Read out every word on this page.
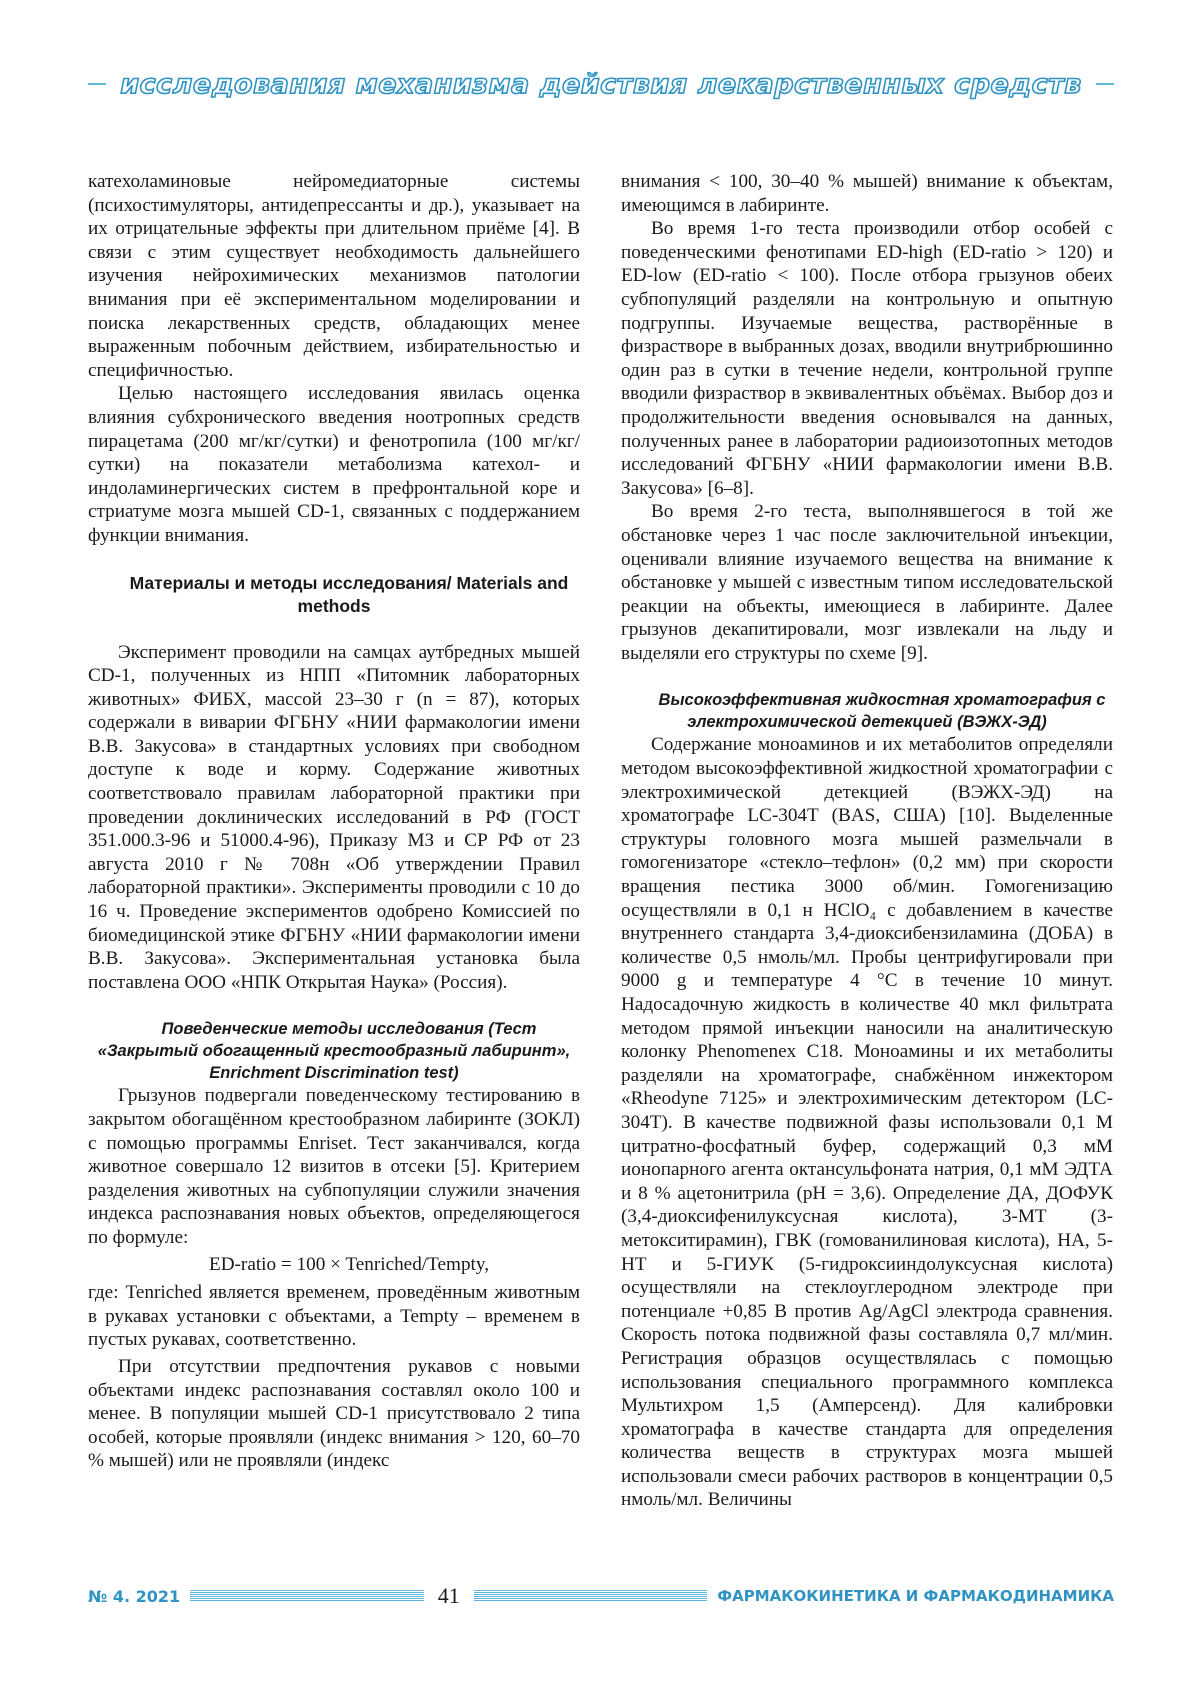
исследования механизма действия лекарственных средств

катехоламиновые нейромедиаторные системы (психостимуляторы, антидепрессанты и др.), указывает на их отрицательные эффекты при длительном приёме [4]. В связи с этим существует необходимость дальнейшего изучения нейрохимических механизмов патологии внимания при её экспериментальном моделировании и поиска лекарственных средств, обладающих менее выраженным побочным действием, избирательностью и специфичностью.

Целью настоящего исследования явилась оценка влияния субхронического введения ноотропных средств пирацетама (200 мг/кг/сутки) и фенотропила (100 мг/кг/сутки) на показатели метаболизма катехол- и индоламинергических систем в префронтальной коре и стриатуме мозга мышей CD-1, связанных с поддержанием функции внимания.

Материалы и методы исследования/ Materials and methods

Эксперимент проводили на самцах аутбредных мышей CD-1, полученных из НПП «Питомник лабораторных животных» ФИБХ, массой 23–30 г (n = 87), которых содержали в виварии ФГБНУ «НИИ фармакологии имени В.В. Закусова» в стандартных условиях при свободном доступе к воде и корму. Содержание животных соответствовало правилам лабораторной практики при проведении доклинических исследований в РФ (ГОСТ 351.000.3-96 и 51000.4-96), Приказу МЗ и СР РФ от 23 августа 2010 г № 708н «Об утверждении Правил лабораторной практики». Эксперименты проводили с 10 до 16 ч. Проведение экспериментов одобрено Комиссией по биомедицинской этике ФГБНУ «НИИ фармакологии имени В.В. Закусова». Экспериментальная установка была поставлена ООО «НПК Открытая Наука» (Россия).

Поведенческие методы исследования (Тест «Закрытый обогащенный крестообразный лабиринт», Enrichment Discrimination test)

Грызунов подвергали поведенческому тестированию в закрытом обогащённом крестообразном лабиринте (ЗОКЛ) с помощью программы Enriset. Тест заканчивался, когда животное совершало 12 визитов в отсеки [5]. Критерием разделения животных на субпопуляции служили значения индекса распознавания новых объектов, определяющегося по формуле:

ED-ratio = 100 × Tenriched/Tempty,

где: Tenriched является временем, проведённым животным в рукавах установки с объектами, а Tempty – временем в пустых рукавах, соответственно.

При отсутствии предпочтения рукавов с новыми объектами индекс распознавания составлял около 100 и менее. В популяции мышей CD-1 присутствовало 2 типа особей, которые проявляли (индекс внимания > 120, 60–70 % мышей) или не проявляли (индекс

внимания < 100, 30–40 % мышей) внимание к объектам, имеющимся в лабиринте.

Во время 1-го теста производили отбор особей с поведенческими фенотипами ED-high (ED-ratio > 120) и ED-low (ED-ratio < 100). После отбора грызунов обеих субпопуляций разделяли на контрольную и опытную подгруппы. Изучаемые вещества, растворённые в физрастворе в выбранных дозах, вводили внутрибрюшинно один раз в сутки в течение недели, контрольной группе вводили физраствор в эквивалентных объёмах. Выбор доз и продолжительности введения основывался на данных, полученных ранее в лаборатории радиоизотопных методов исследований ФГБНУ «НИИ фармакологии имени В.В. Закусова» [6–8].

Во время 2-го теста, выполнявшегося в той же обстановке через 1 час после заключительной инъекции, оценивали влияние изучаемого вещества на внимание к обстановке у мышей с известным типом исследовательской реакции на объекты, имеющиеся в лабиринте. Далее грызунов декапитировали, мозг извлекали на льду и выделяли его структуры по схеме [9].

Высокоэффективная жидкостная хроматография с электрохимической детекцией (ВЭЖХ-ЭД)

Содержание моноаминов и их метаболитов определяли методом высокоэффективной жидкостной хроматографии с электрохимической детекцией (ВЭЖХ-ЭД) на хроматографе LC-304T (BAS, США) [10]. Выделенные структуры головного мозга мышей размельчали в гомогенизаторе «стекло–тефлон» (0,2 мм) при скорости вращения пестика 3000 об/мин. Гомогенизацию осуществляли в 0,1 н HClO₄ с добавлением в качестве внутреннего стандарта 3,4-диоксибензиламина (ДОБА) в количестве 0,5 нмоль/мл. Пробы центрифугировали при 9000 g и температуре 4 °С в течение 10 минут. Надосадочную жидкость в количестве 40 мкл фильтрата методом прямой инъекции наносили на аналитическую колонку Phenomenex C18. Моноамины и их метаболиты разделяли на хроматографе, снабжённом инжектором «Rheodyne 7125» и электрохимическим детектором (LC-304T). В качестве подвижной фазы использовали 0,1 М цитратно-фосфатный буфер, содержащий 0,3 мМ ионопарного агента октансульфоната натрия, 0,1 мМ ЭДТА и 8 % ацетонитрила (рН = 3,6). Определение ДА, ДОФУК (3,4-диоксифенилуксусная кислота), 3-МТ (3-метокситирамин), ГВК (гомованилиновая кислота), НА, 5-НТ и 5-ГИУК (5-гидроксииндолуксусная кислота) осуществляли на стеклоуглеродном электроде при потенциале +0,85 В против Ag/AgCl электрода сравнения. Скорость потока подвижной фазы составляла 0,7 мл/мин. Регистрация образцов осуществлялась с помощью использования специального программного комплекса Мультихром 1,5 (Амперсенд). Для калибровки хроматографа в качестве стандарта для определения количества веществ в структурах мозга мышей использовали смеси рабочих растворов в концентрации 0,5 нмоль/мл. Величины

№ 4. 2021	41	ФАРМАКОКИНЕТИКА И ФАРМАКОДИНАМИКА
